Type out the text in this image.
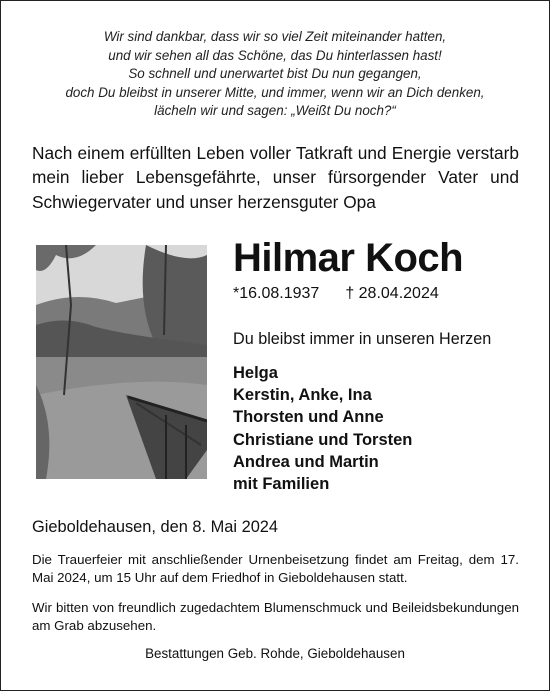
Wir sind dankbar, dass wir so viel Zeit miteinander hatten,
und wir sehen all das Schöne, das Du hinterlassen hast!
So schnell und unerwartet bist Du nun gegangen,
doch Du bleibst in unserer Mitte, und immer, wenn wir an Dich denken,
lächeln wir und sagen: „Weißt Du noch?“
Nach einem erfüllten Leben voller Tatkraft und Energie verstarb mein lieber Lebensgefährte, unser fürsorgender Vater und Schwiegervater und unser herzensguter Opa
Hilmar Koch
*16.08.1937 † 28.04.2024
Du bleibst immer in unseren Herzen
Helga
Kerstin, Anke, Ina
Thorsten und Anne
Christiane und Torsten
Andrea und Martin
mit Familien
Gieboldehausen, den 8. Mai 2024
Die Trauerfeier mit anschließender Urnenbeisetzung findet am Freitag, dem 17. Mai 2024, um 15 Uhr auf dem Friedhof in Gieboldehausen statt.
Wir bitten von freundlich zugedachtem Blumenschmuck und Beileidsbekundungen am Grab abzusehen.
Bestattungen Geb. Rohde, Gieboldehausen
